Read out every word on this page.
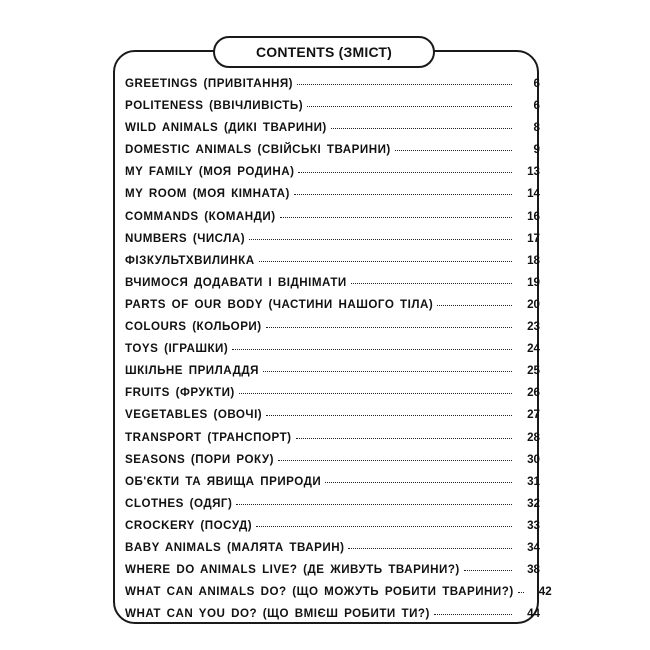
CONTENTS (ЗМІСТ)
GREETINGS (ПРИВІТАННЯ)	6
POLITENESS (ВВІЧЛИВІСТЬ)	6
WILD ANIMALS (ДИКІ ТВАРИНИ)	8
DOMESTIC ANIMALS (СВІЙСЬКІ ТВАРИНИ)	9
MY FAMILY (МОЯ РОДИНА)	13
MY ROOM (МОЯ КІМНАТА)	14
COMMANDS (КОМАНДИ)	16
NUMBERS (ЧИСЛА)	17
ФІЗКУЛЬТХВИЛИНКА	18
ВЧИМОСЯ ДОДАВАТИ І ВІДНІМАТИ	19
PARTS OF OUR BODY (ЧАСТИНИ НАШОГО ТІЛА)	20
COLOURS (КОЛЬОРИ)	23
TOYS (ІГРАШКИ)	24
ШКІЛЬНЕ ПРИЛАДДЯ	25
FRUITS (ФРУКТИ)	26
VEGETABLES (ОВОЧІ)	27
TRANSPORT (ТРАНСПОРТ)	28
SEASONS (ПОРИ РОКУ)	30
ОБ'ЄКТИ ТА ЯВИЩА ПРИРОДИ	31
CLOTHES (ОДЯГ)	32
CROCKERY (ПОСУД)	33
BABY ANIMALS (МАЛЯТА ТВАРИН)	34
WHERE DO ANIMALS LIVE? (ДЕ ЖИВУТЬ ТВАРИНИ?)	38
WHAT CAN ANIMALS DO? (ЩО МОЖУТЬ РОБИТИ ТВАРИНИ?)	42
WHAT CAN YOU DO? (ЩО ВМІЄШ РОБИТИ ТИ?)	44
